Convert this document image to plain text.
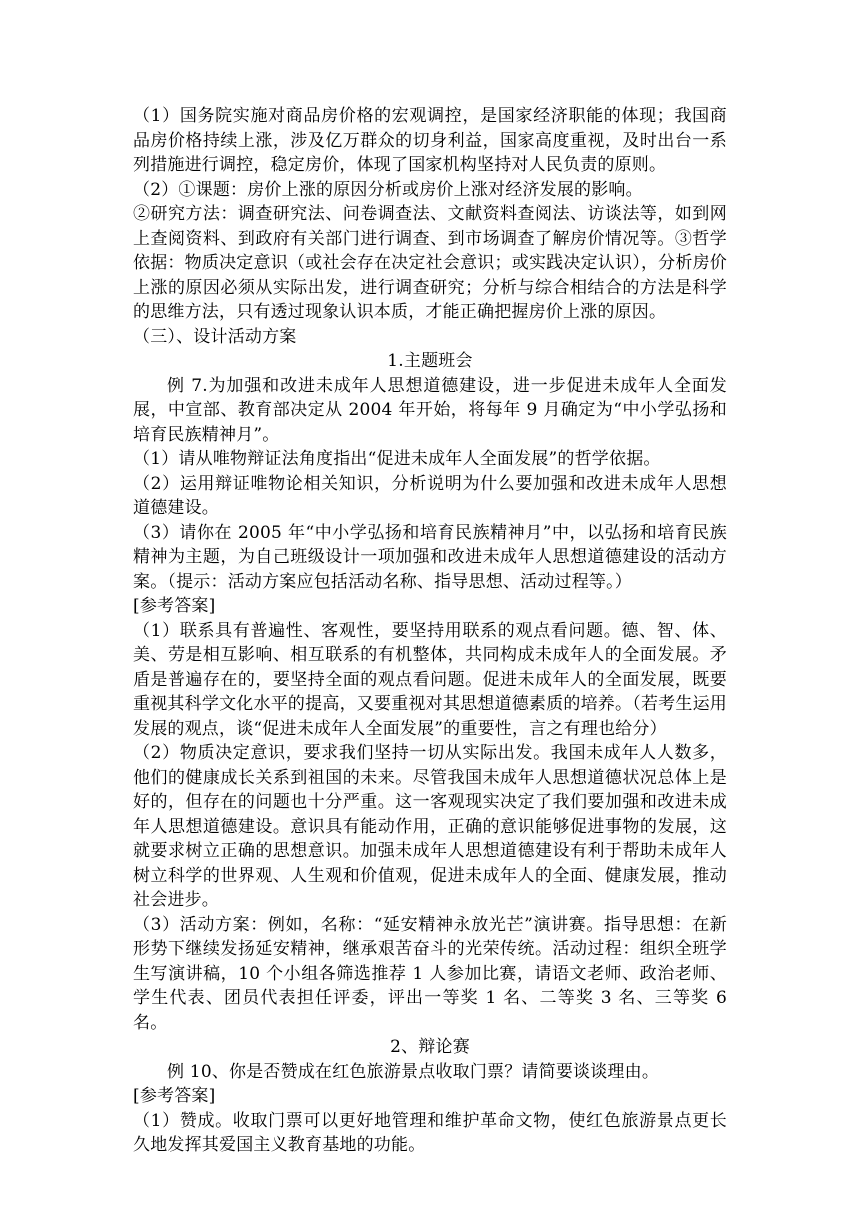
（1）国务院实施对商品房价格的宏观调控，是国家经济职能的体现；我国商品房价格持续上涨，涉及亿万群众的切身利益，国家高度重视，及时出台一系列措施进行调控，稳定房价，体现了国家机构坚持对人民负责的原则。

（2）①课题：房价上涨的原因分析或房价上涨对经济发展的影响。

②研究方法：调查研究法、问卷调查法、文献资料查阅法、访谈法等，如到网上查阅资料、到政府有关部门进行调查、到市场调查了解房价情况等。③哲学依据：物质决定意识（或社会存在决定社会意识；或实践决定认识），分析房价上涨的原因必须从实际出发，进行调查研究；分析与综合相结合的方法是科学的思维方法，只有透过现象认识本质，才能正确把握房价上涨的原因。

（三）、设计活动方案

1.主题班会

例 7.为加强和改进未成年人思想道德建设，进一步促进未成年人全面发展，中宣部、教育部决定从 2004 年开始，将每年 9 月确定为“中小学弘扬和培育民族精神月”。

（1）请从唯物辩证法角度指出“促进未成年人全面发展”的哲学依据。

（2）运用辩证唯物论相关知识，分析说明为什么要加强和改进未成年人思想道德建设。

（3）请你在 2005 年“中小学弘扬和培育民族精神月”中，以弘扬和培育民族精神为主题，为自己班级设计一项加强和改进未成年人思想道德建设的活动方案。（提示：活动方案应包括活动名称、指导思想、活动过程等。）

[参考答案]

（1）联系具有普遍性、客观性，要坚持用联系的观点看问题。德、智、体、美、劳是相互影响、相互联系的有机整体，共同构成未成年人的全面发展。矛盾是普遍存在的，要坚持全面的观点看问题。促进未成年人的全面发展，既要重视其科学文化水平的提高，又要重视对其思想道德素质的培养。（若考生运用发展的观点，谈“促进未成年人全面发展”的重要性，言之有理也给分）

（2）物质决定意识，要求我们坚持一切从实际出发。我国未成年人人数多，他们的健康成长关系到祖国的未来。尽管我国未成年人思想道德状况总体上是好的，但存在的问题也十分严重。这一客观现实决定了我们要加强和改进未成年人思想道德建设。意识具有能动作用，正确的意识能够促进事物的发展，这就要求树立正确的思想意识。加强未成年人思想道德建设有利于帮助未成年人树立科学的世界观、人生观和价值观，促进未成年人的全面、健康发展，推动社会进步。

（3）活动方案：例如，名称：“延安精神永放光芒”演讲赛。指导思想：在新形势下继续发扬延安精神，继承艰苦奋斗的光荣传统。活动过程：组织全班学生写演讲稿，10 个小组各筛选推荐 1 人参加比赛，请语文老师、政治老师、学生代表、团员代表担任评委，评出一等奖 1 名、二等奖 3 名、三等奖 6 名。

2、辩论赛

例 10、你是否赞成在红色旅游景点收取门票？请简要谈谈理由。

[参考答案]

（1）赞成。收取门票可以更好地管理和维护革命文物，使红色旅游景点更长久地发挥其爱国主义教育基地的功能。
